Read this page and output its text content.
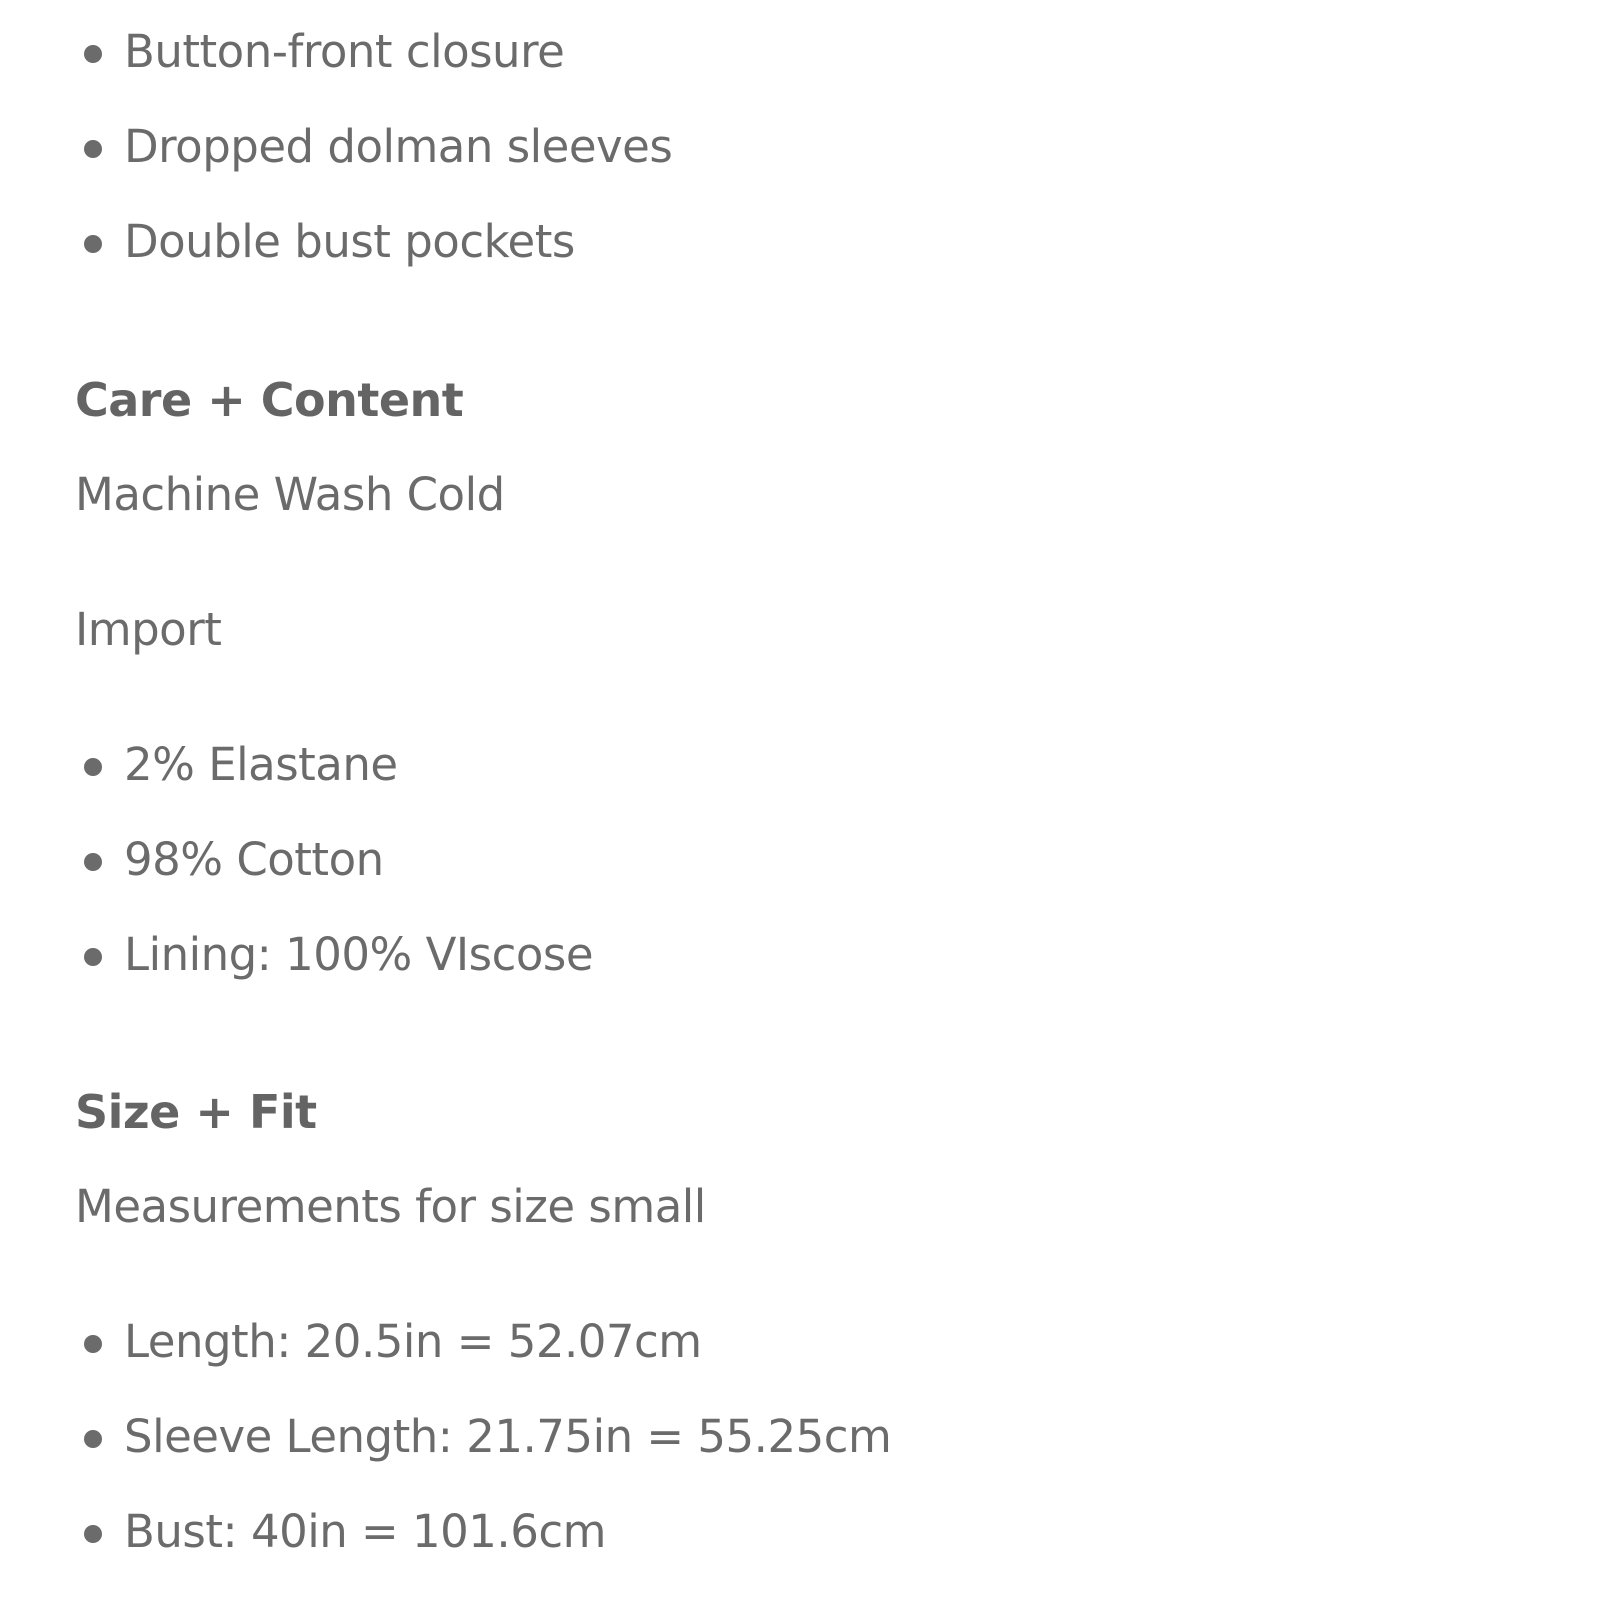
Button-front closure
Dropped dolman sleeves
Double bust pockets
Care + Content
Machine Wash Cold
Import
2% Elastane
98% Cotton
Lining: 100% VIscose
Size + Fit
Measurements for size small
Length: 20.5in = 52.07cm
Sleeve Length: 21.75in = 55.25cm
Bust: 40in = 101.6cm
